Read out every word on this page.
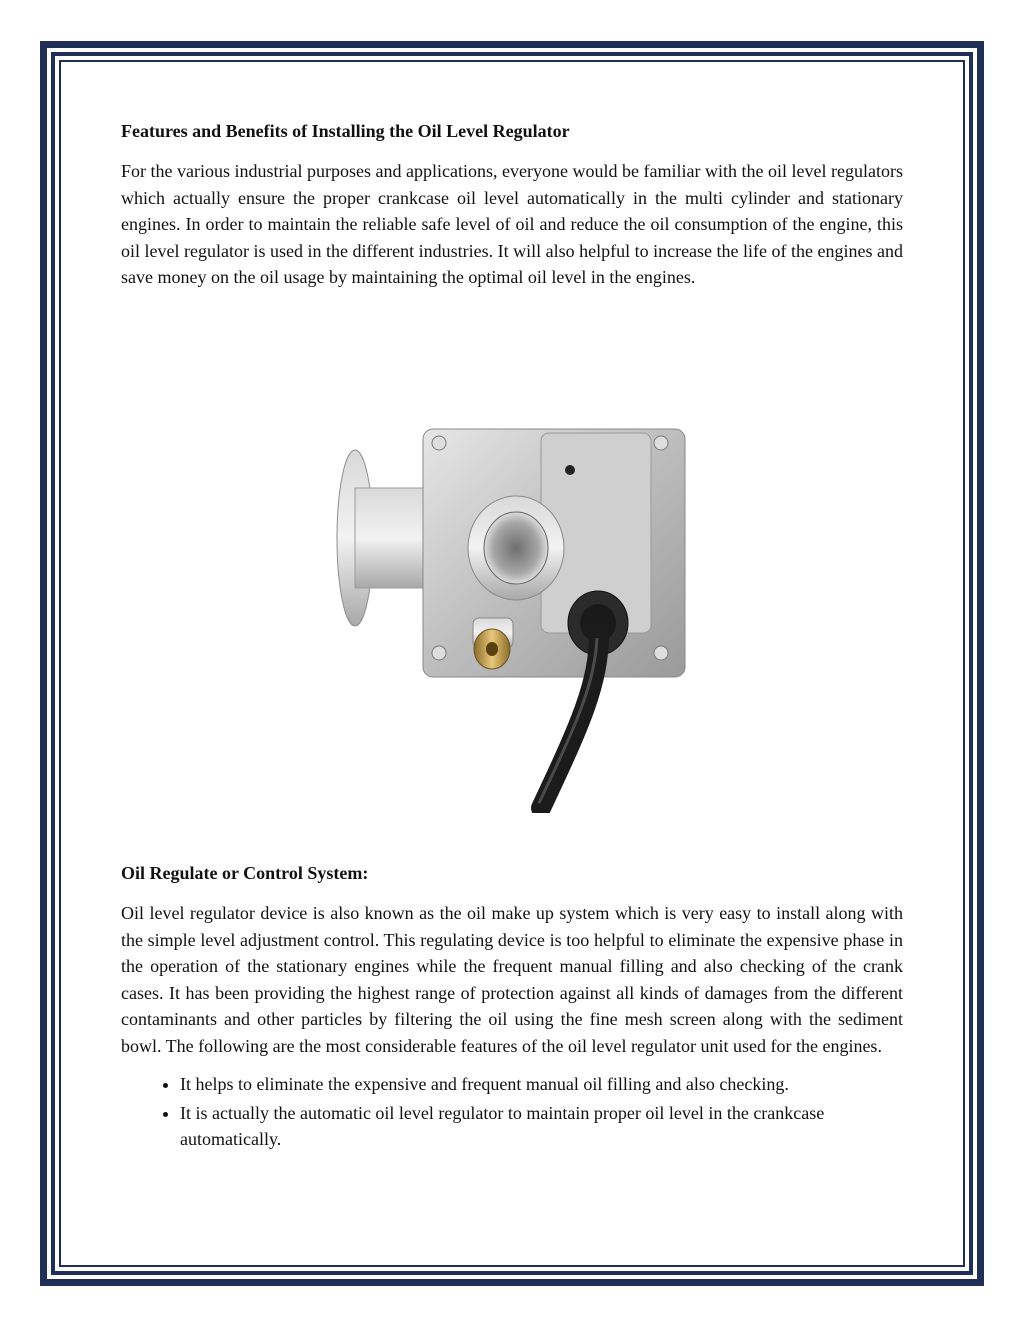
Features and Benefits of Installing the Oil Level Regulator

For the various industrial purposes and applications, everyone would be familiar with the oil level regulators which actually ensure the proper crankcase oil level automatically in the multi cylinder and stationary engines. In order to maintain the reliable safe level of oil and reduce the oil consumption of the engine, this oil level regulator is used in the different industries. It will also helpful to increase the life of the engines and save money on the oil usage by maintaining the optimal oil level in the engines.

Oil Regulate or Control System:

Oil level regulator device is also known as the oil make up system which is very easy to install along with the simple level adjustment control. This regulating device is too helpful to eliminate the expensive phase in the operation of the stationary engines while the frequent manual filling and also checking of the crank cases. It has been providing the highest range of protection against all kinds of damages from the different contaminants and other particles by filtering the oil using the fine mesh screen along with the sediment bowl. The following are the most considerable features of the oil level regulator unit used for the engines.

• It helps to eliminate the expensive and frequent manual oil filling and also checking.
• It is actually the automatic oil level regulator to maintain proper oil level in the crankcase automatically.
